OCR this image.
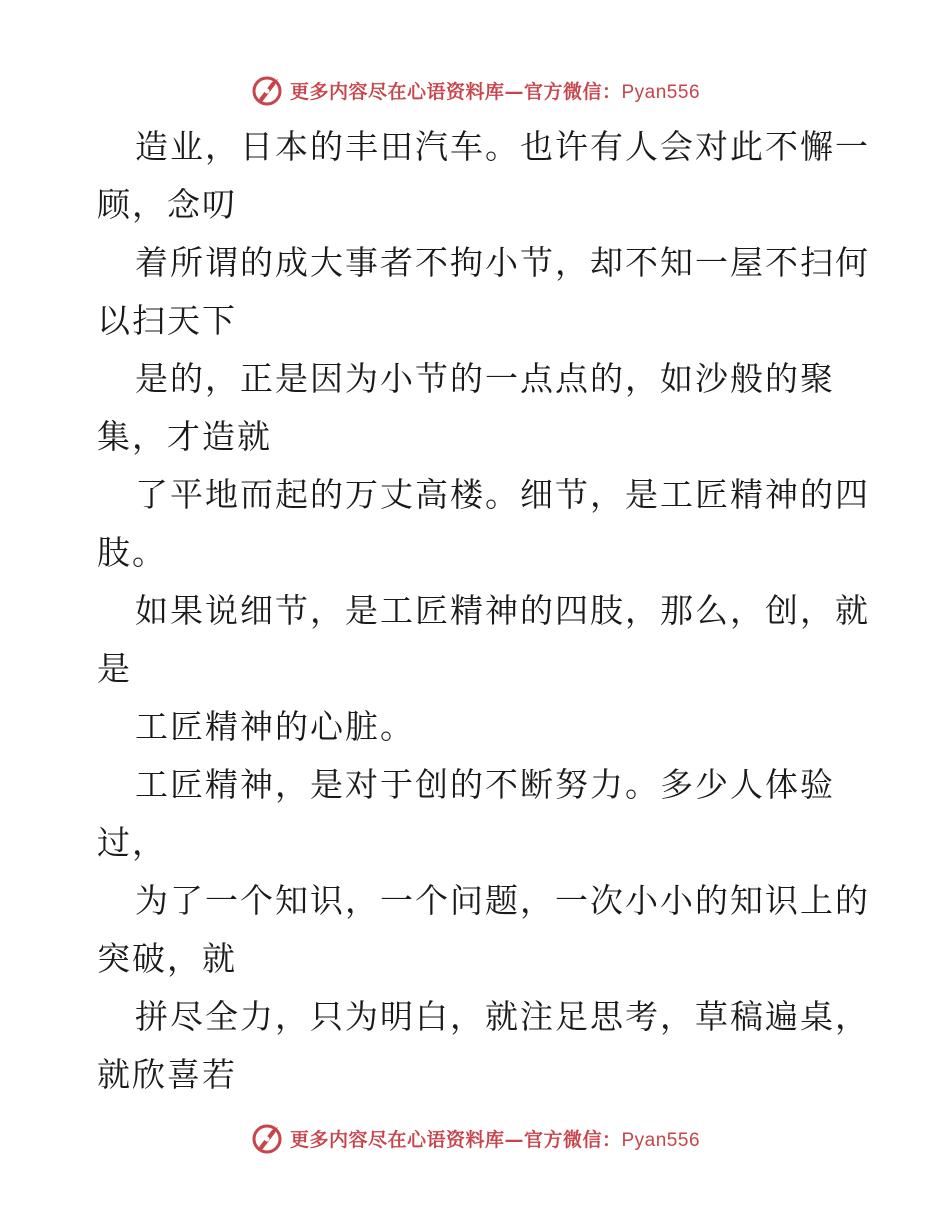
更多内容尽在心语资料库—官方微信：Pyan556
造业，日本的丰田汽车。也许有人会对此不懈一
顾，念叨
着所谓的成大事者不拘小节，却不知一屋不扫何
以扫天下
是的，正是因为小节的一点点的，如沙般的聚
集，才造就
了平地而起的万丈高楼。细节，是工匠精神的四
肢。
如果说细节，是工匠精神的四肢，那么，创，就
是
工匠精神的心脏。
工匠精神，是对于创的不断努力。多少人体验
过，
为了一个知识，一个问题，一次小小的知识上的
突破，就
拼尽全力，只为明白，就注足思考，草稿遍桌，
就欣喜若
更多内容尽在心语资料库—官方微信：Pyan556
